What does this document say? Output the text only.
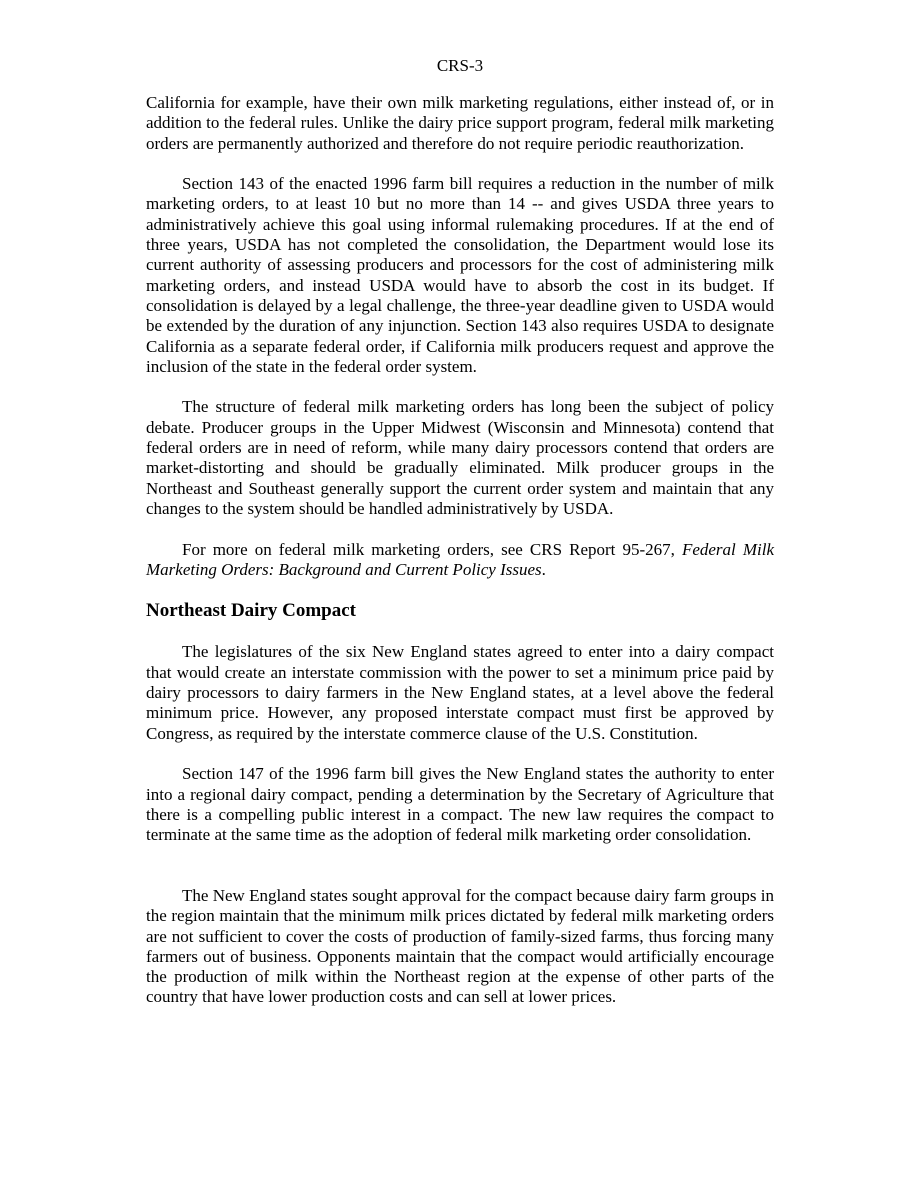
CRS-3

California for example, have their own milk marketing regulations, either instead of, or in addition to the federal rules. Unlike the dairy price support program, federal milk marketing orders are permanently authorized and therefore do not require periodic reauthorization.

Section 143 of the enacted 1996 farm bill requires a reduction in the number of milk marketing orders, to at least 10 but no more than 14 -- and gives USDA three years to administratively achieve this goal using informal rulemaking procedures. If at the end of three years, USDA has not completed the consolidation, the Department would lose its current authority of assessing producers and processors for the cost of administering milk marketing orders, and instead USDA would have to absorb the cost in its budget. If consolidation is delayed by a legal challenge, the three-year deadline given to USDA would be extended by the duration of any injunction. Section 143 also requires USDA to designate California as a separate federal order, if California milk producers request and approve the inclusion of the state in the federal order system.

The structure of federal milk marketing orders has long been the subject of policy debate. Producer groups in the Upper Midwest (Wisconsin and Minnesota) contend that federal orders are in need of reform, while many dairy processors contend that orders are market-distorting and should be gradually eliminated. Milk producer groups in the Northeast and Southeast generally support the current order system and maintain that any changes to the system should be handled administratively by USDA.

For more on federal milk marketing orders, see CRS Report 95-267, Federal Milk Marketing Orders: Background and Current Policy Issues.

Northeast Dairy Compact

The legislatures of the six New England states agreed to enter into a dairy compact that would create an interstate commission with the power to set a minimum price paid by dairy processors to dairy farmers in the New England states, at a level above the federal minimum price. However, any proposed interstate compact must first be approved by Congress, as required by the interstate commerce clause of the U.S. Constitution.

Section 147 of the 1996 farm bill gives the New England states the authority to enter into a regional dairy compact, pending a determination by the Secretary of Agriculture that there is a compelling public interest in a compact. The new law requires the compact to terminate at the same time as the adoption of federal milk marketing order consolidation.

The New England states sought approval for the compact because dairy farm groups in the region maintain that the minimum milk prices dictated by federal milk marketing orders are not sufficient to cover the costs of production of family-sized farms, thus forcing many farmers out of business. Opponents maintain that the compact would artificially encourage the production of milk within the Northeast region at the expense of other parts of the country that have lower production costs and can sell at lower prices.
